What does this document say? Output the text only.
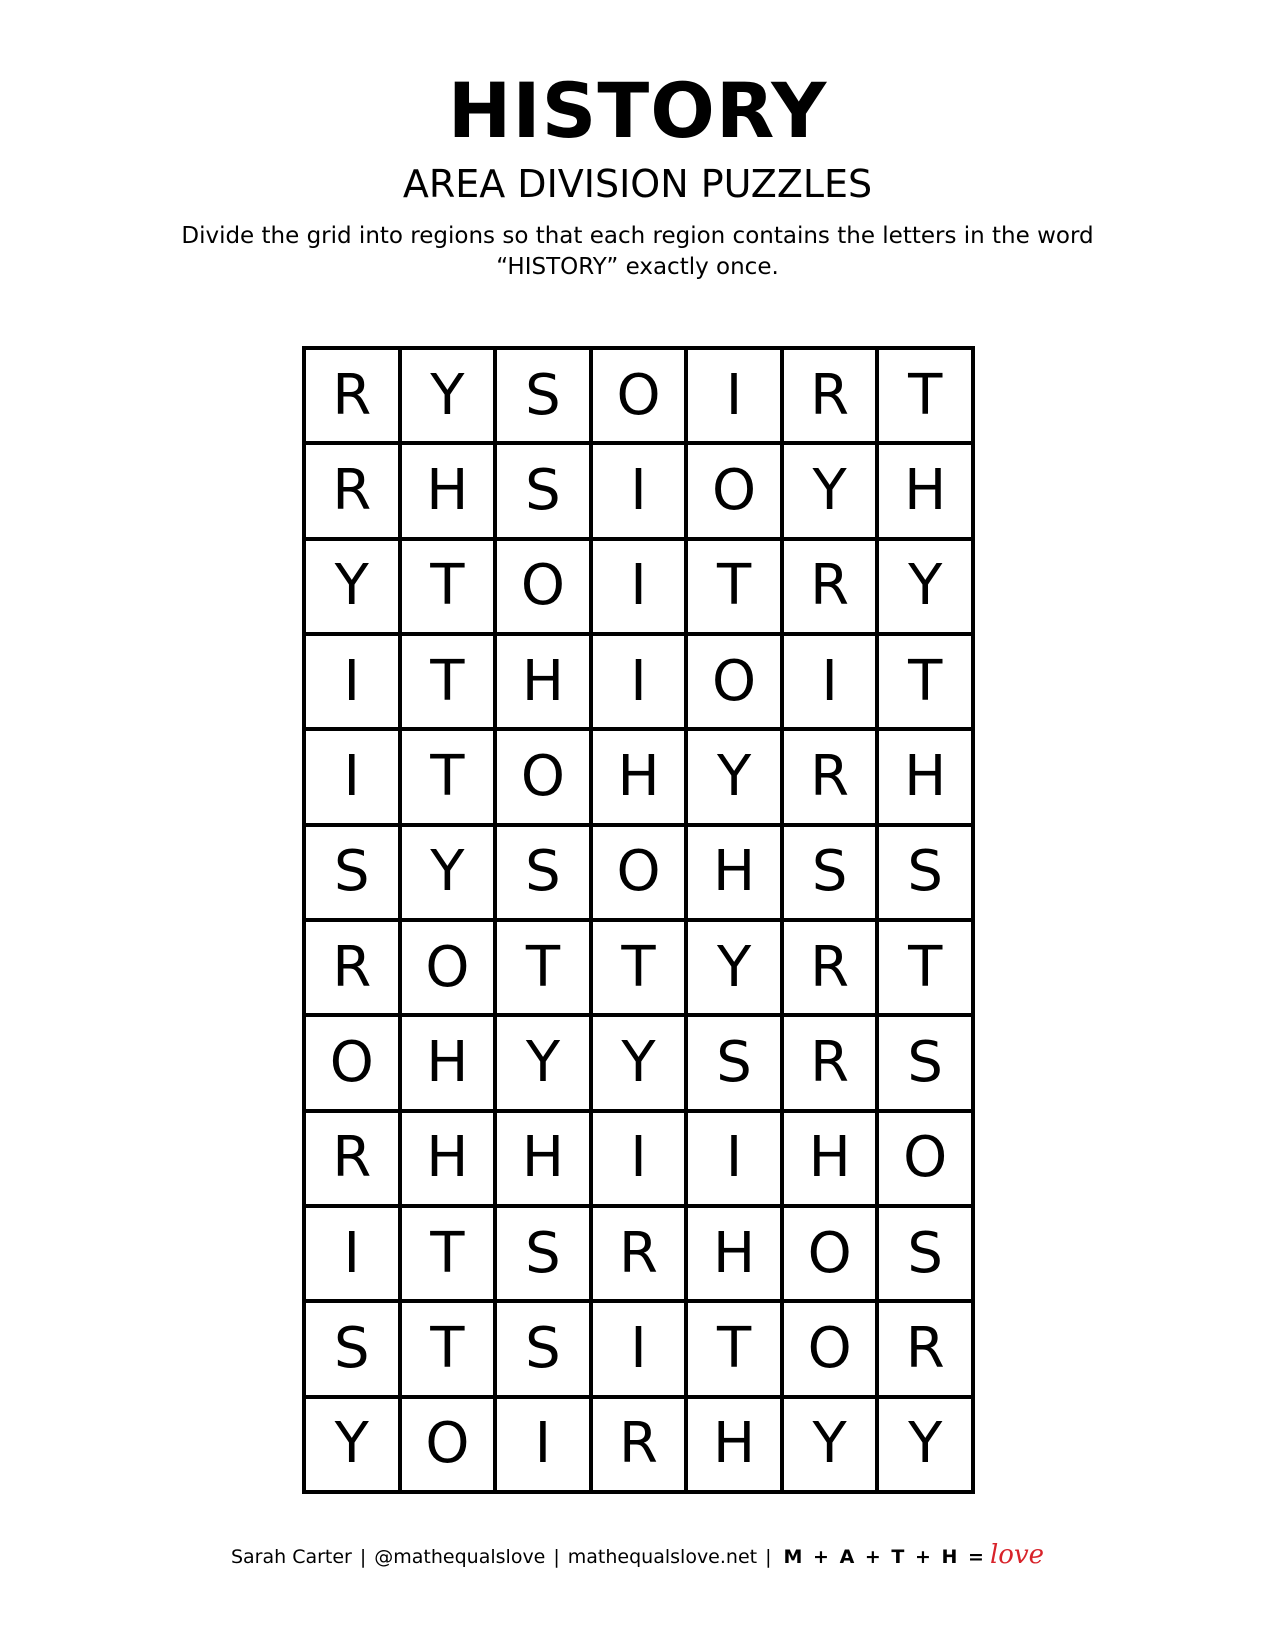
HISTORY
AREA DIVISION PUZZLES
Divide the grid into regions so that each region contains the letters in the word “HISTORY” exactly once.
R	Y	S O	I	R	T
R H	S	I	O	Y	H
Y	T	O	I	T	R	Y
I	T	H	I	O	I	T
I	T	O H	Y	R H
S	Y	S O H	S	S
R O	T	T	Y	R	T
O H	Y	Y	S	R	S
R H H	I	I	H O
I	T	S	R H O S
S	T	S	I	T	O R
Y	O	I	R H	Y	Y
Sarah Carter | @mathequalslove | mathequalslove.net | M + A + T + H = love
